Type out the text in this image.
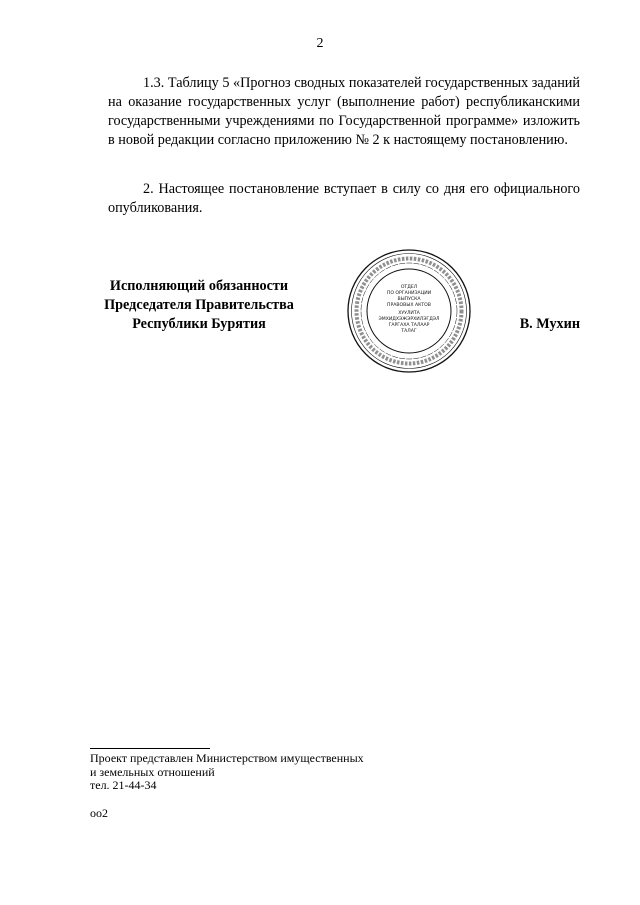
2

1.3. Таблицу 5 «Прогноз сводных показателей государственных заданий на оказание государственных услуг (выполнение работ) республиканскими государственными учреждениями по Государственной программе» изложить в новой редакции согласно приложению № 2 к настоящему постановлению.

2. Настоящее постановление вступает в силу со дня его официального опубликования.

Исполняющий обязанности
Председателя Правительства
Республики Бурятия
ОТДЕЛ
ПО ОРГАНИЗАЦИИ
ВЫПУСКА
ПРАВОВЫХ АКТОВ
ХУУЛИТА
ЭМХИДХЭЖЭРХИЛЭГДЭЛ
ГАРГАХА ТАЛААР
ТАЛАГ	В. Мухин
Проект представлен Министерством имущественных
и земельных отношений
тел. 21-44-34
оо2
